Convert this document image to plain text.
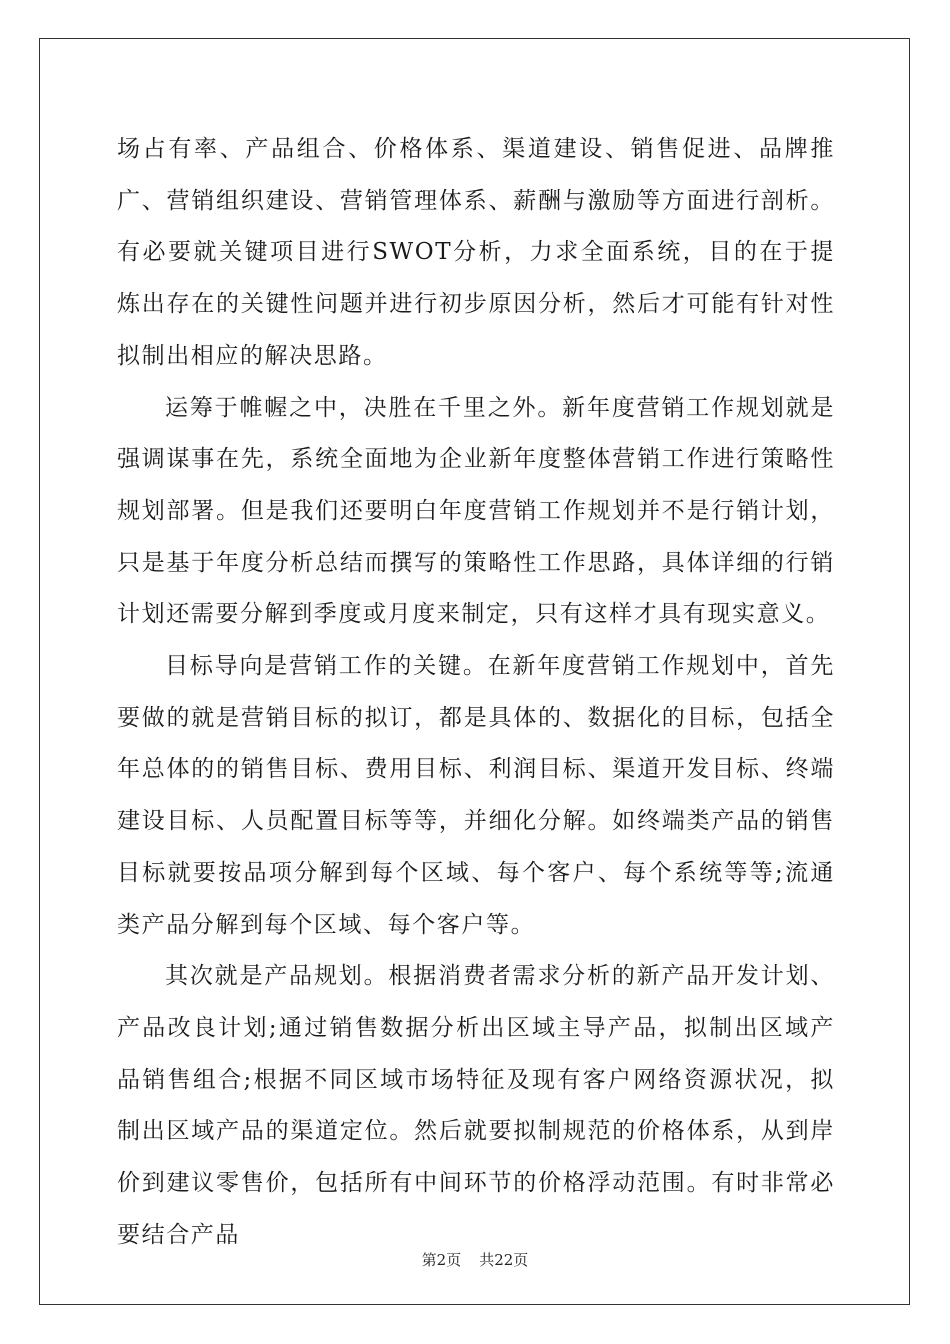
场占有率、产品组合、价格体系、渠道建设、销售促进、品牌推广、营销组织建设、营销管理体系、薪酬与激励等方面进行剖析。有必要就关键项目进行SWOT分析，力求全面系统，目的在于提炼出存在的关键性问题并进行初步原因分析，然后才可能有针对性拟制出相应的解决思路。

运筹于帷幄之中，决胜在千里之外。新年度营销工作规划就是强调谋事在先，系统全面地为企业新年度整体营销工作进行策略性规划部署。但是我们还要明白年度营销工作规划并不是行销计划，只是基于年度分析总结而撰写的策略性工作思路，具体详细的行销计划还需要分解到季度或月度来制定，只有这样才具有现实意义。

目标导向是营销工作的关键。在新年度营销工作规划中，首先要做的就是营销目标的拟订，都是具体的、数据化的目标，包括全年总体的的销售目标、费用目标、利润目标、渠道开发目标、终端建设目标、人员配置目标等等，并细化分解。如终端类产品的销售目标就要按品项分解到每个区域、每个客户、每个系统等等;流通类产品分解到每个区域、每个客户等。

其次就是产品规划。根据消费者需求分析的新产品开发计划、产品改良计划;通过销售数据分析出区域主导产品，拟制出区域产品销售组合;根据不同区域市场特征及现有客户网络资源状况，拟制出区域产品的渠道定位。然后就要拟制规范的价格体系，从到岸价到建议零售价，包括所有中间环节的价格浮动范围。有时非常必要结合产品

第2页 共22页
